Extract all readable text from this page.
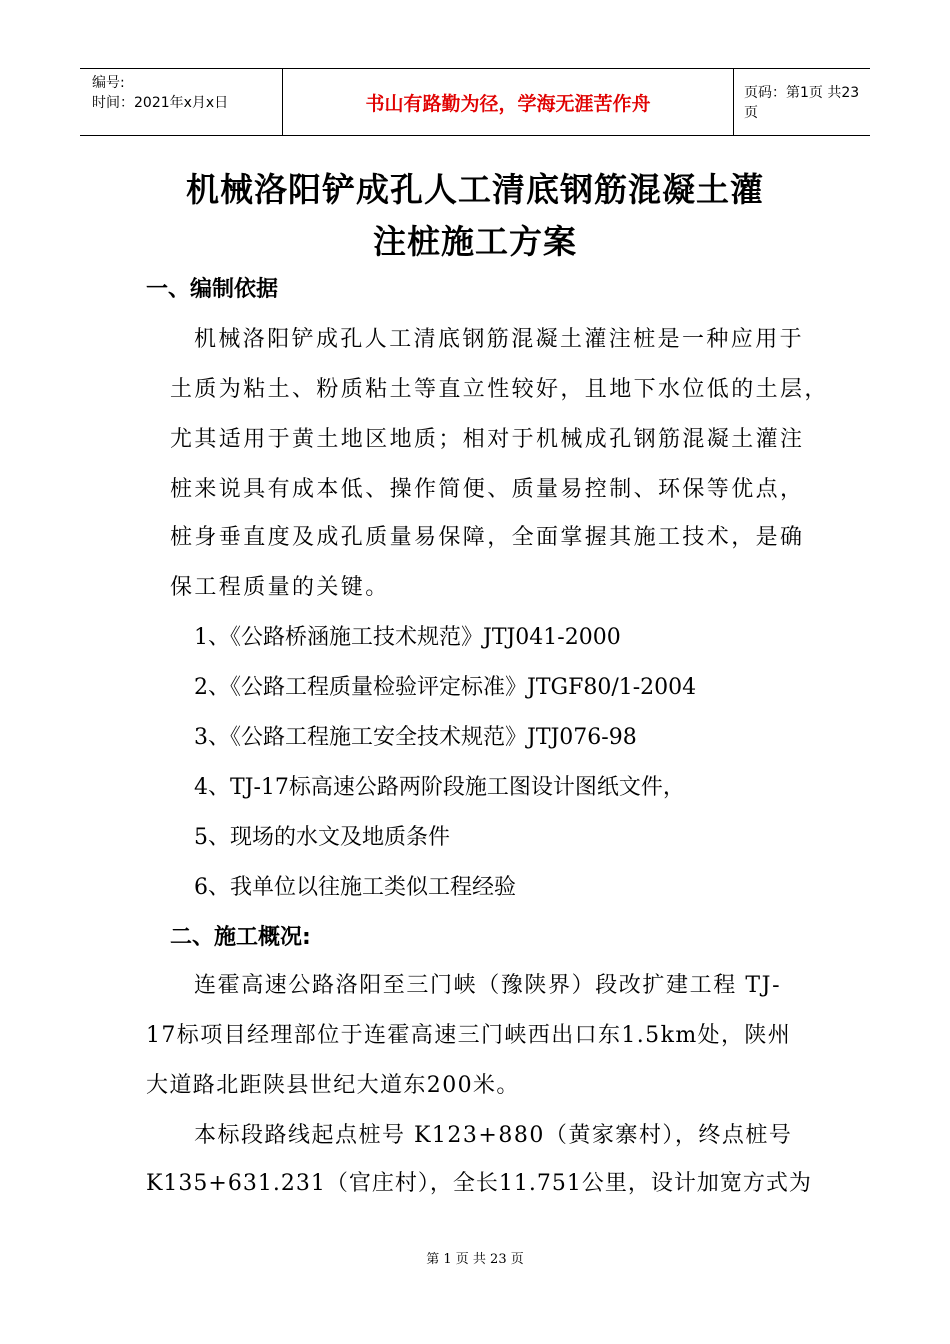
编号:
时间：2021年x月x日	书山有路勤为径，学海无涯苦作舟	页码：第1页 共23页
机械洛阳铲成孔人工清底钢筋混凝土灌
注桩施工方案
一、编制依据
机械洛阳铲成孔人工清底钢筋混凝土灌注桩是一种应用于
土质为粘土、粉质粘土等直立性较好，且地下水位低的土层，
尤其适用于黄土地区地质；相对于机械成孔钢筋混凝土灌注
桩来说具有成本低、操作简便、质量易控制、环保等优点，
桩身垂直度及成孔质量易保障，全面掌握其施工技术，是确
保工程质量的关键。
1、《公路桥涵施工技术规范》JTJ041-2000
2、《公路工程质量检验评定标准》JTGF80/1-2004
3、《公路工程施工安全技术规范》JTJ076-98
4、TJ-17标高速公路两阶段施工图设计图纸文件，
5、现场的水文及地质条件
6、我单位以往施工类似工程经验
二、施工概况:
连霍高速公路洛阳至三门峡（豫陕界）段改扩建工程 TJ-
17标项目经理部位于连霍高速三门峡西出口东1.5km处，陕州
大道路北距陕县世纪大道东200米。
本标段路线起点桩号 K123+880（黄家寨村），终点桩号
K135+631.231（官庄村），全长11.751公里，设计加宽方式为
第 1 页 共 23 页
